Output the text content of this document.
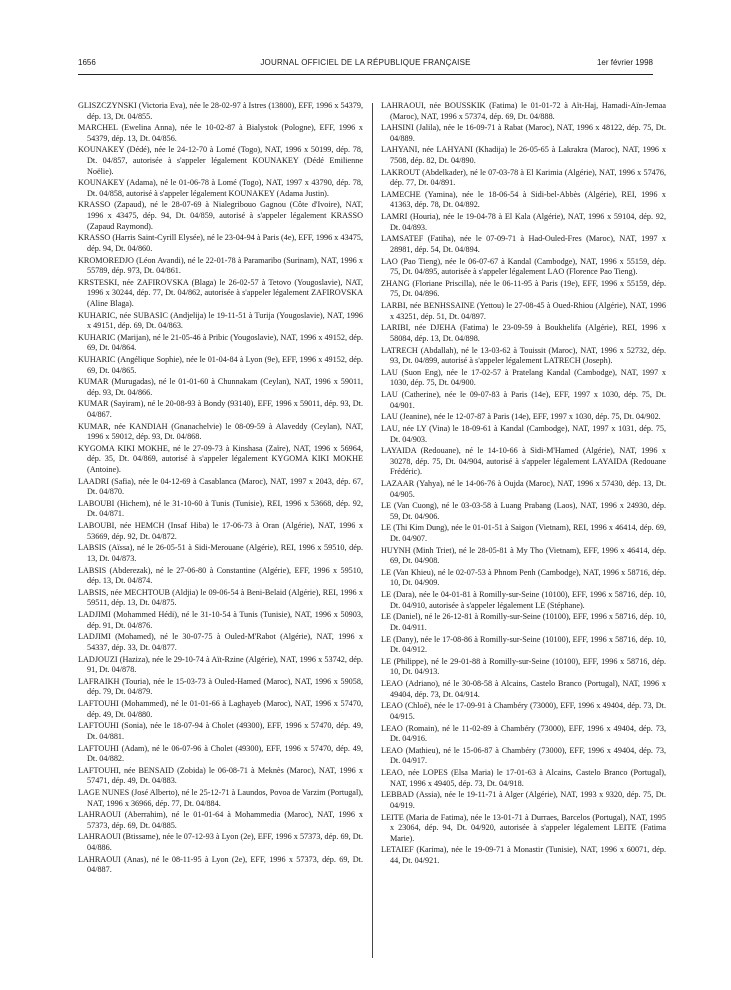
1656	JOURNAL OFFICIEL DE LA RÉPUBLIQUE FRANÇAISE	1er février 1998

GLISZCZYNSKI (Victoria Eva), née le 28-02-97 à Istres (13800), EFF, 1996 x 54379, dép. 13, Dt. 04/855.

MARCHEL (Ewelina Anna), née le 10-02-87 à Bialystok (Pologne), EFF, 1996 x 54379, dép. 13, Dt. 04/856.

KOUNAKEY (Dédé), née le 24-12-70 à Lomé (Togo), NAT, 1996 x 50199, dép. 78, Dt. 04/857, autorisée à s'appeler légalement KOUNAKEY (Dédé Emilienne Noëlie).

KOUNAKEY (Adama), né le 01-06-78 à Lomé (Togo), NAT, 1997 x 43790, dép. 78, Dt. 04/858, autorisé à s'appeler légalement KOUNAKEY (Adama Justin).

KRASSO (Zapaud), né le 28-07-69 à Nialegribouo Gagnou (Côte d'Ivoire), NAT, 1996 x 43475, dép. 94, Dt. 04/859, autorisé à s'appeler légalement KRASSO (Zapaud Raymond).

KRASSO (Harris Saint-Cyrill Elysée), né le 23-04-94 à Paris (4e), EFF, 1996 x 43475, dép. 94, Dt. 04/860.

KROMOREDJO (Léon Avandi), né le 22-01-78 à Paramaribo (Surinam), NAT, 1996 x 55789, dép. 973, Dt. 04/861.

KRSTESKI, née ZAFIROVSKA (Blaga) le 26-02-57 à Tetovo (Yougoslavie), NAT, 1996 x 30244, dép. 77, Dt. 04/862, autorisée à s'appeler légalement ZAFIROVSKA (Aline Blaga).

KUHARIC, née SUBASIC (Andjelija) le 19-11-51 à Turija (Yougoslavie), NAT, 1996 x 49151, dép. 69, Dt. 04/863.

KUHARIC (Marijan), né le 21-05-46 à Pribic (Yougoslavie), NAT, 1996 x 49152, dép. 69, Dt. 04/864.

KUHARIC (Angélique Sophie), née le 01-04-84 à Lyon (9e), EFF, 1996 x 49152, dép. 69, Dt. 04/865.

KUMAR (Murugadas), né le 01-01-60 à Chunnakam (Ceylan), NAT, 1996 x 59011, dép. 93, Dt. 04/866.

KUMAR (Sayiram), né le 20-08-93 à Bondy (93140), EFF, 1996 x 59011, dép. 93, Dt. 04/867.

KUMAR, née KANDIAH (Gnanachelvie) le 08-09-59 à Alaveddy (Ceylan), NAT, 1996 x 59012, dép. 93, Dt. 04/868.

KYGOMA KIKI MOKHE, né le 27-09-73 à Kinshasa (Zaïre), NAT, 1996 x 56964, dép. 35, Dt. 04/869, autorisé à s'appeler légalement KYGOMA KIKI MOKHE (Antoine).

LAADRI (Safia), née le 04-12-69 à Casablanca (Maroc), NAT, 1997 x 2043, dép. 67, Dt. 04/870.

LABOUBI (Hichem), né le 31-10-60 à Tunis (Tunisie), REI, 1996 x 53668, dép. 92, Dt. 04/871.

LABOUBI, née HEMCH (Insaf Hiba) le 17-06-73 à Oran (Algérie), NAT, 1996 x 53669, dép. 92, Dt. 04/872.

LABSIS (Aïssa), né le 26-05-51 à Sidi-Merouane (Algérie), REI, 1996 x 59510, dép. 13, Dt. 04/873.

LABSIS (Abderezak), né le 27-06-80 à Constantine (Algérie), EFF, 1996 x 59510, dép. 13, Dt. 04/874.

LABSIS, née MECHTOUB (Aldjia) le 09-06-54 à Beni-Belaid (Algérie), REI, 1996 x 59511, dép. 13, Dt. 04/875.

LADJIMI (Mohammed Hédi), né le 31-10-54 à Tunis (Tunisie), NAT, 1996 x 50903, dép. 91, Dt. 04/876.

LADJIMI (Mohamed), né le 30-07-75 à Ouled-M'Rabot (Algérie), NAT, 1996 x 54337, dép. 33, Dt. 04/877.

LADJOUZI (Haziza), née le 29-10-74 à Aït-Rzine (Algérie), NAT, 1996 x 53742, dép. 91, Dt. 04/878.

LAFRAIKH (Touria), née le 15-03-73 à Ouled-Hamed (Maroc), NAT, 1996 x 59058, dép. 79, Dt. 04/879.

LAFTOUHI (Mohammed), né le 01-01-66 à Laghayeb (Maroc), NAT, 1996 x 57470, dép. 49, Dt. 04/880.

LAFTOUHI (Sonia), née le 18-07-94 à Cholet (49300), EFF, 1996 x 57470, dép. 49, Dt. 04/881.

LAFTOUHI (Adam), né le 06-07-96 à Cholet (49300), EFF, 1996 x 57470, dép. 49, Dt. 04/882.

LAFTOUHI, née BENSAID (Zobida) le 06-08-71 à Meknès (Maroc), NAT, 1996 x 57471, dép. 49, Dt. 04/883.

LAGE NUNES (José Alberto), né le 25-12-71 à Laundos, Povoa de Varzim (Portugal), NAT, 1996 x 36966, dép. 77, Dt. 04/884.

LAHRAOUI (Aberrahim), né le 01-01-64 à Mohammedia (Maroc), NAT, 1996 x 57373, dép. 69, Dt. 04/885.

LAHRAOUI (Btissame), née le 07-12-93 à Lyon (2e), EFF, 1996 x 57373, dép. 69, Dt. 04/886.

LAHRAOUI (Anas), né le 08-11-95 à Lyon (2e), EFF, 1996 x 57373, dép. 69, Dt. 04/887.

LAHRAOUI, née BOUSSKIK (Fatima) le 01-01-72 à Aït-Haj, Hamadi-Aïn-Jemaa (Maroc), NAT, 1996 x 57374, dép. 69, Dt. 04/888.

LAHSINI (Jalila), née le 16-09-71 à Rabat (Maroc), NAT, 1996 x 48122, dép. 75, Dt. 04/889.

LAHYANI, née LAHYANI (Khadija) le 26-05-65 à Lakrakra (Maroc), NAT, 1996 x 7508, dép. 82, Dt. 04/890.

LAKROUT (Abdelkader), né le 07-03-78 à El Karimia (Algérie), NAT, 1996 x 57476, dép. 77, Dt. 04/891.

LAMECHE (Yamina), née le 18-06-54 à Sidi-bel-Abbès (Algérie), REI, 1996 x 41363, dép. 78, Dt. 04/892.

LAMRI (Houria), née le 19-04-78 à El Kala (Algérie), NAT, 1996 x 59104, dép. 92, Dt. 04/893.

LAMSATEF (Fatiha), née le 07-09-71 à Had-Ouled-Fres (Maroc), NAT, 1997 x 28981, dép. 54, Dt. 04/894.

LAO (Pao Tieng), née le 06-07-67 à Kandal (Cambodge), NAT, 1996 x 55159, dép. 75, Dt. 04/895, autorisée à s'appeler légalement LAO (Florence Pao Tieng).

ZHANG (Floriane Priscilla), née le 06-11-95 à Paris (19e), EFF, 1996 x 55159, dép. 75, Dt. 04/896.

LARBI, née BENHSSAINE (Yettou) le 27-08-45 à Oued-Rhiou (Algérie), NAT, 1996 x 43251, dép. 51, Dt. 04/897.

LARIBI, née DJEHA (Fatima) le 23-09-59 à Boukhelifa (Algérie), REI, 1996 x 58084, dép. 13, Dt. 04/898.

LATRECH (Abdallah), né le 13-03-62 à Touissit (Maroc), NAT, 1996 x 52732, dép. 93, Dt. 04/899, autorisé à s'appeler légalement LATRECH (Joseph).

LAU (Suon Eng), née le 17-02-57 à Pratelang Kandal (Cambodge), NAT, 1997 x 1030, dép. 75, Dt. 04/900.

LAU (Catherine), née le 09-07-83 à Paris (14e), EFF, 1997 x 1030, dép. 75, Dt. 04/901.

LAU (Jeanine), née le 12-07-87 à Paris (14e), EFF, 1997 x 1030, dép. 75, Dt. 04/902.

LAU, née LY (Vina) le 18-09-61 à Kandal (Cambodge), NAT, 1997 x 1031, dép. 75, Dt. 04/903.

LAYAIDA (Redouane), né le 14-10-66 à Sidi-M'Hamed (Algérie), NAT, 1996 x 30278, dép. 75, Dt. 04/904, autorisé à s'appeler légalement LAYAIDA (Redouane Frédéric).

LAZAAR (Yahya), né le 14-06-76 à Oujda (Maroc), NAT, 1996 x 57430, dép. 13, Dt. 04/905.

LE (Van Cuong), né le 03-03-58 à Luang Prabang (Laos), NAT, 1996 x 24930, dép. 59, Dt. 04/906.

LE (Thi Kim Dung), née le 01-01-51 à Saigon (Vietnam), REI, 1996 x 46414, dép. 69, Dt. 04/907.

HUYNH (Minh Triet), né le 28-05-81 à My Tho (Vietnam), EFF, 1996 x 46414, dép. 69, Dt. 04/908.

LE (Van Khieu), né le 02-07-53 à Phnom Penh (Cambodge), NAT, 1996 x 58716, dép. 10, Dt. 04/909.

LE (Dara), née le 04-01-81 à Romilly-sur-Seine (10100), EFF, 1996 x 58716, dép. 10, Dt. 04/910, autorisée à s'appeler légalement LE (Stéphane).

LE (Daniel), né le 26-12-81 à Romilly-sur-Seine (10100), EFF, 1996 x 58716, dép. 10, Dt. 04/911.

LE (Dany), née le 17-08-86 à Romilly-sur-Seine (10100), EFF, 1996 x 58716, dép. 10, Dt. 04/912.

LE (Philippe), né le 29-01-88 à Romilly-sur-Seine (10100), EFF, 1996 x 58716, dép. 10, Dt. 04/913.

LEAO (Adriano), né le 30-08-58 à Alcains, Castelo Branco (Portugal), NAT, 1996 x 49404, dép. 73, Dt. 04/914.

LEAO (Chloé), née le 17-09-91 à Chambéry (73000), EFF, 1996 x 49404, dép. 73, Dt. 04/915.

LEAO (Romain), né le 11-02-89 à Chambéry (73000), EFF, 1996 x 49404, dép. 73, Dt. 04/916.

LEAO (Mathieu), né le 15-06-87 à Chambéry (73000), EFF, 1996 x 49404, dép. 73, Dt. 04/917.

LEAO, née LOPES (Elsa Maria) le 17-01-63 à Alcains, Castelo Branco (Portugal), NAT, 1996 x 49405, dép. 73, Dt. 04/918.

LEBBAD (Assia), née le 19-11-71 à Alger (Algérie), NAT, 1993 x 9320, dép. 75, Dt. 04/919.

LEITE (Maria de Fatima), née le 13-01-71 à Durraes, Barcelos (Portugal), NAT, 1995 x 23064, dép. 94, Dt. 04/920, autorisée à s'appeler légalement LEITE (Fatima Marie).

LETAIEF (Karima), née le 19-09-71 à Monastir (Tunisie), NAT, 1996 x 60071, dép. 44, Dt. 04/921.
